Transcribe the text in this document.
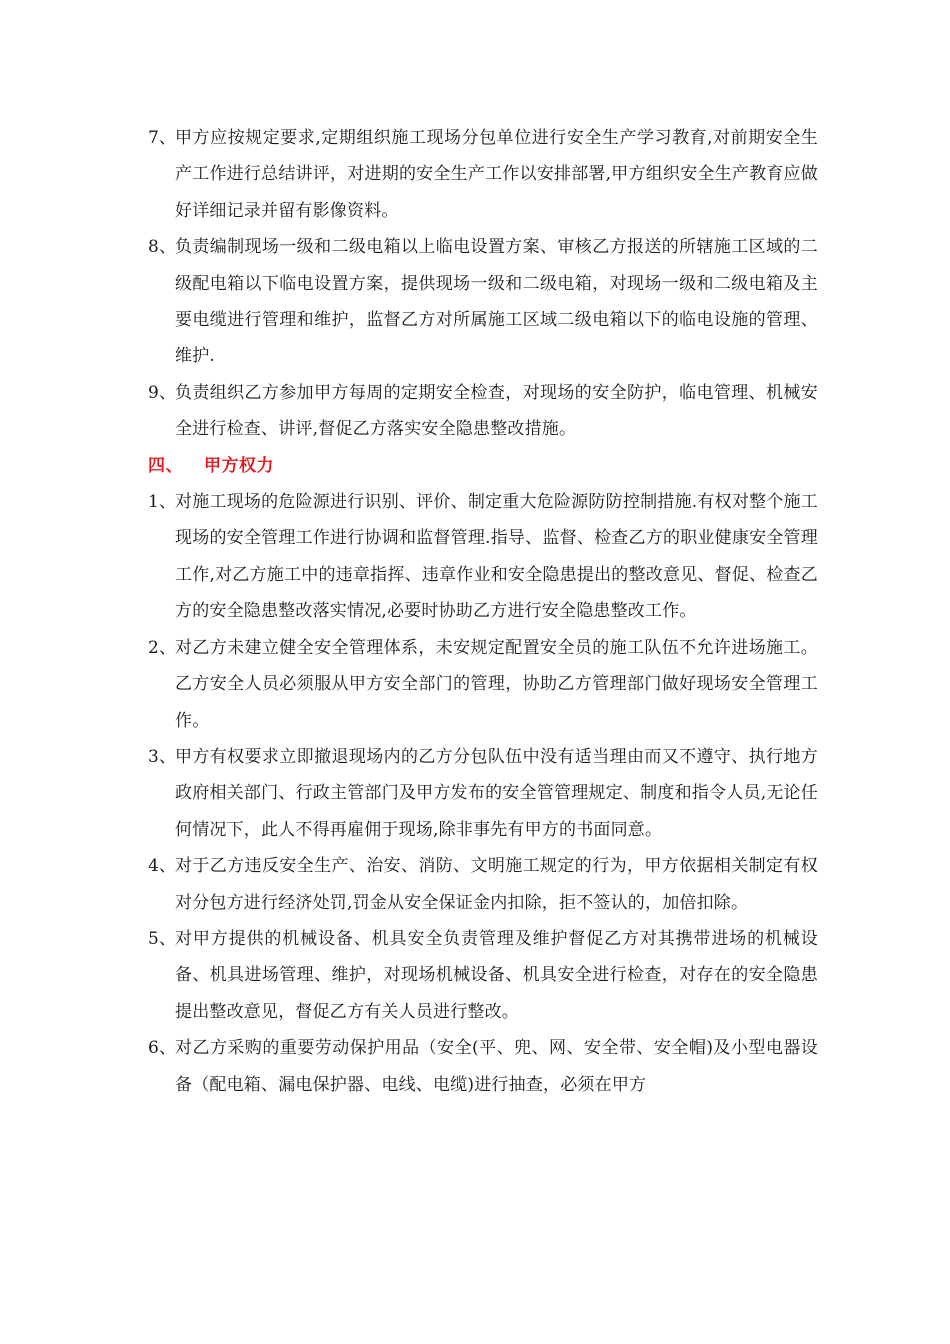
7、
甲方应按规定要求,定期组织施工现场分包单位进行安全生产学习教育,对前期安全生产工作进行总结讲评，对进期的安全生产工作以安排部署,甲方组织安全生产教育应做好详细记录并留有影像资料。
8、
负责编制现场一级和二级电箱以上临电设置方案、审核乙方报送的所辖施工区域的二级配电箱以下临电设置方案，提供现场一级和二级电箱，对现场一级和二级电箱及主要电缆进行管理和维护，监督乙方对所属施工区域二级电箱以下的临电设施的管理、维护.
9、
负责组织乙方参加甲方每周的定期安全检查，对现场的安全防护，临电管理、机械安全进行检查、讲评,督促乙方落实安全隐患整改措施。
四、 甲方权力
1、
对施工现场的危险源进行识别、评价、制定重大危险源防防控制措施.有权对整个施工现场的安全管理工作进行协调和监督管理.指导、监督、检查乙方的职业健康安全管理工作,对乙方施工中的违章指挥、违章作业和安全隐患提出的整改意见、督促、检查乙方的安全隐患整改落实情况,必要时协助乙方进行安全隐患整改工作。
2、
对乙方未建立健全安全管理体系，未安规定配置安全员的施工队伍不允许进场施工。乙方安全人员必须服从甲方安全部门的管理，协助乙方管理部门做好现场安全管理工作。
3、
甲方有权要求立即撤退现场内的乙方分包队伍中没有适当理由而又不遵守、执行地方政府相关部门、行政主管部门及甲方发布的安全管管理规定、制度和指令人员,无论任何情况下，此人不得再雇佣于现场,除非事先有甲方的书面同意。
4、
对于乙方违反安全生产、治安、消防、文明施工规定的行为，甲方依据相关制定有权对分包方进行经济处罚,罚金从安全保证金内扣除，拒不签认的，加倍扣除。
5、
对甲方提供的机械设备、机具安全负责管理及维护督促乙方对其携带进场的机械设备、机具进场管理、维护，对现场机械设备、机具安全进行检查，对存在的安全隐患提出整改意见，督促乙方有关人员进行整改。
6、
对乙方采购的重要劳动保护用品（安全(平、兜、网、安全带、安全帽)及小型电器设备（配电箱、漏电保护器、电线、电缆)进行抽查，必须在甲方
